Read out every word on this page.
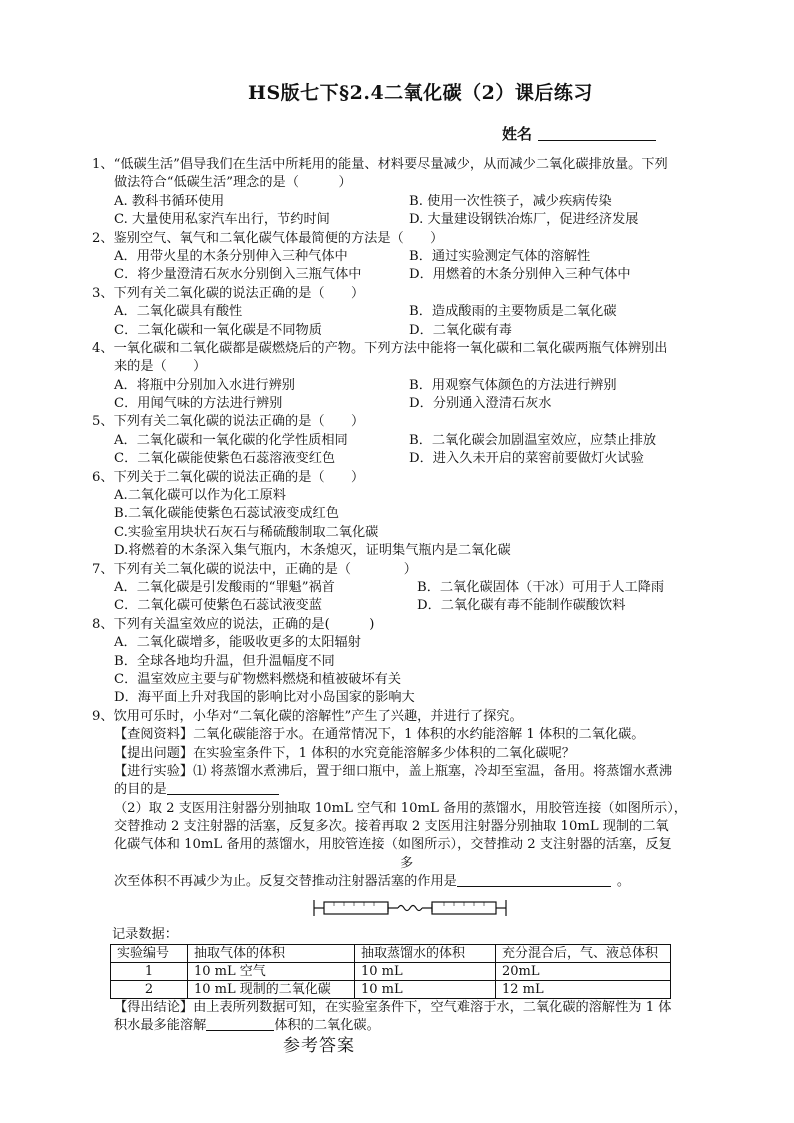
HS版七下§2.4二氧化碳（2）课后练习
姓名
1、“低碳生活”倡导我们在生活中所耗用的能量、材料要尽量减少，从而减少二氧化碳排放量。下列
做法符合“低碳生活”理念的是（　　　）
A. 教科书循环使用	B. 使用一次性筷子，减少疾病传染
C. 大量使用私家汽车出行，节约时间	D. 大量建设钢铁冶炼厂，促进经济发展
2、鉴别空气、氧气和二氧化碳气体最简便的方法是（　　）
A．用带火星的木条分别伸入三种气体中	B．通过实验测定气体的溶解性
C．将少量澄清石灰水分别倒入三瓶气体中	D．用燃着的木条分别伸入三种气体中
3、下列有关二氧化碳的说法正确的是（　　）
A．二氧化碳具有酸性	B．造成酸雨的主要物质是二氧化碳
C．二氧化碳和一氧化碳是不同物质	D．二氧化碳有毒
4、一氧化碳和二氧化碳都是碳燃烧后的产物。下列方法中能将一氧化碳和二氧化碳两瓶气体辨别出
来的是（　　）
A．将瓶中分别加入水进行辨别	B．用观察气体颜色的方法进行辨别
C．用闻气味的方法进行辨别	D．分别通入澄清石灰水
5、下列有关二氧化碳的说法正确的是（　　）
A．二氧化碳和一氧化碳的化学性质相同	B．二氧化碳会加剧温室效应，应禁止排放
C．二氧化碳能使紫色石蕊溶液变红色	D．进入久未开启的菜窖前要做灯火试验
6、下列关于二氧化碳的说法正确的是（　　）
A.二氧化碳可以作为化工原料
B.二氧化碳能使紫色石蕊试液变成红色
C.实验室用块状石灰石与稀硫酸制取二氧化碳
D.将燃着的木条深入集气瓶内，木条熄灭，证明集气瓶内是二氧化碳
7、下列有关二氧化碳的说法中，正确的是（　　　　）
A．二氧化碳是引发酸雨的“罪魁”祸首	B．二氧化碳固体（干冰）可用于人工降雨
C．二氧化碳可使紫色石蕊试液变蓝	D．二氧化碳有毒不能制作碳酸饮料
8、下列有关温室效应的说法，正确的是(　　　)
A．二氧化碳增多，能吸收更多的太阳辐射
B．全球各地均升温，但升温幅度不同
C．温室效应主要与矿物燃料燃烧和植被破坏有关
D．海平面上升对我国的影响比对小岛国家的影响大
9、饮用可乐时，小华对“二氧化碳的溶解性”产生了兴趣，并进行了探究。
【查阅资料】二氧化碳能溶于水。在通常情况下，1 体积的水约能溶解 1 体积的二氧化碳。
【提出问题】在实验室条件下，1 体积的水究竟能溶解多少体积的二氧化碳呢？
【进行实验】⑴ 将蒸馏水煮沸后，置于细口瓶中，盖上瓶塞，冷却至室温，备用。将蒸馏水煮沸
的目的是
（2）取 2 支医用注射器分别抽取 10mL 空气和 10mL 备用的蒸馏水，用胶管连接（如图所示），
交替推动 2 支注射器的活塞，反复多次。接着再取 2 支医用注射器分别抽取 10mL 现制的二氧
化碳气体和 10mL 备用的蒸馏水，用胶管连接（如图所示），交替推动 2 支注射器的活塞，反复
多
次至体积不再减少为止。反复交替推动注射器活塞的作用是	。
记录数据：
实验编号	抽取气体的体积	抽取蒸馏水的体积	充分混合后，气、液总体积
1	10 mL 空气	10 mL	20mL
2	10 mL 现制的二氧化碳	10 mL	12 mL
【得出结论】由上表所列数据可知，在实验室条件下，空气难溶于水，二氧化碳的溶解性为 1 体
积水最多能溶解	体积的二氧化碳。
参考答案
